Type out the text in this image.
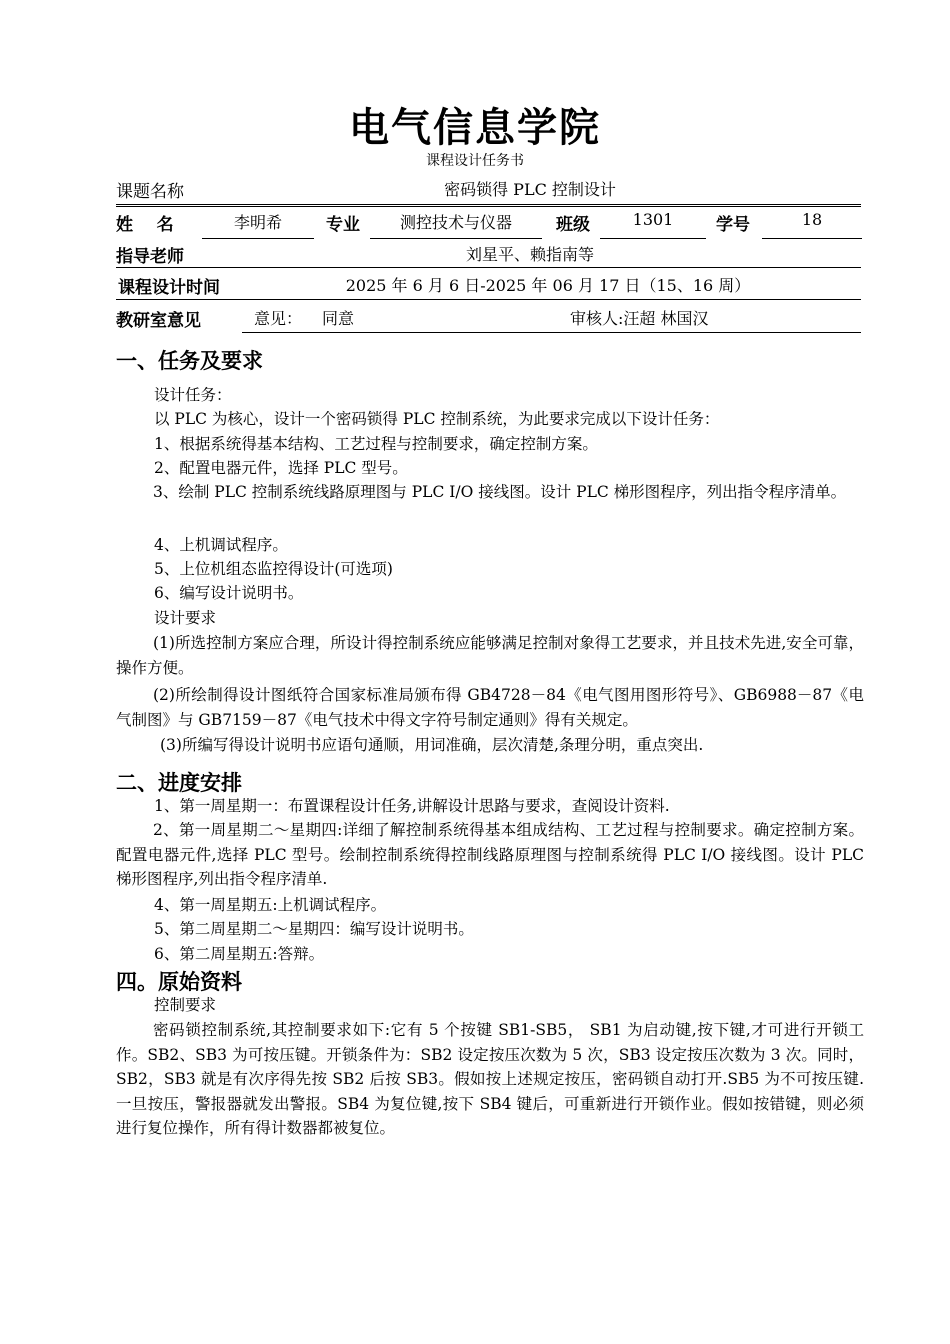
电气信息学院
课程设计任务书
课题名称	密码锁得 PLC 控制设计
姓    名	李明希	专业	测控技术与仪器	班级	1301	学号	18
指导老师	刘星平、赖指南等
课程设计时间	2025 年 6 月 6 日-2025 年 06 月 17 日（15、16 周）
教研室意见	意见： 同意	审核人:汪超 林国汉
一、任务及要求
设计任务：
以 PLC 为核心，设计一个密码锁得 PLC 控制系统，为此要求完成以下设计任务：
1、根据系统得基本结构、工艺过程与控制要求，确定控制方案。
2、配置电器元件，选择 PLC 型号。
3、绘制 PLC 控制系统线路原理图与 PLC I/O 接线图。设计 PLC 梯形图程序，列出指令程序清单。
4、上机调试程序。
5、上位机组态监控得设计(可选项)
6、编写设计说明书。
设计要求
(1)所选控制方案应合理，所设计得控制系统应能够满足控制对象得工艺要求，并且技术先进,安全可靠，操作方便。
(2)所绘制得设计图纸符合国家标准局颁布得 GB4728－84《电气图用图形符号》、GB6988－87《电气制图》与 GB7159－87《电气技术中得文字符号制定通则》得有关规定。
(3)所编写得设计说明书应语句通顺，用词准确，层次清楚,条理分明，重点突出.
二、进度安排
1、第一周星期一：布置课程设计任务,讲解设计思路与要求，查阅设计资料.
2、第一周星期二～星期四:详细了解控制系统得基本组成结构、工艺过程与控制要求。确定控制方案。配置电器元件,选择 PLC 型号。绘制控制系统得控制线路原理图与控制系统得 PLC I/O 接线图。设计 PLC 梯形图程序,列出指令程序清单.
4、第一周星期五:上机调试程序。
5、第二周星期二～星期四：编写设计说明书。
6、第二周星期五:答辩。
四。原始资料
控制要求
密码锁控制系统,其控制要求如下:它有 5 个按键 SB1-SB5， SB1 为启动键,按下键,才可进行开锁工作。SB2、SB3 为可按压键。开锁条件为：SB2 设定按压次数为 5 次，SB3 设定按压次数为 3 次。同时，SB2，SB3 就是有次序得先按 SB2 后按 SB3。假如按上述规定按压，密码锁自动打开.SB5 为不可按压键.一旦按压，警报器就发出警报。SB4 为复位键,按下 SB4 键后，可重新进行开锁作业。假如按错键，则必须进行复位操作，所有得计数器都被复位。
